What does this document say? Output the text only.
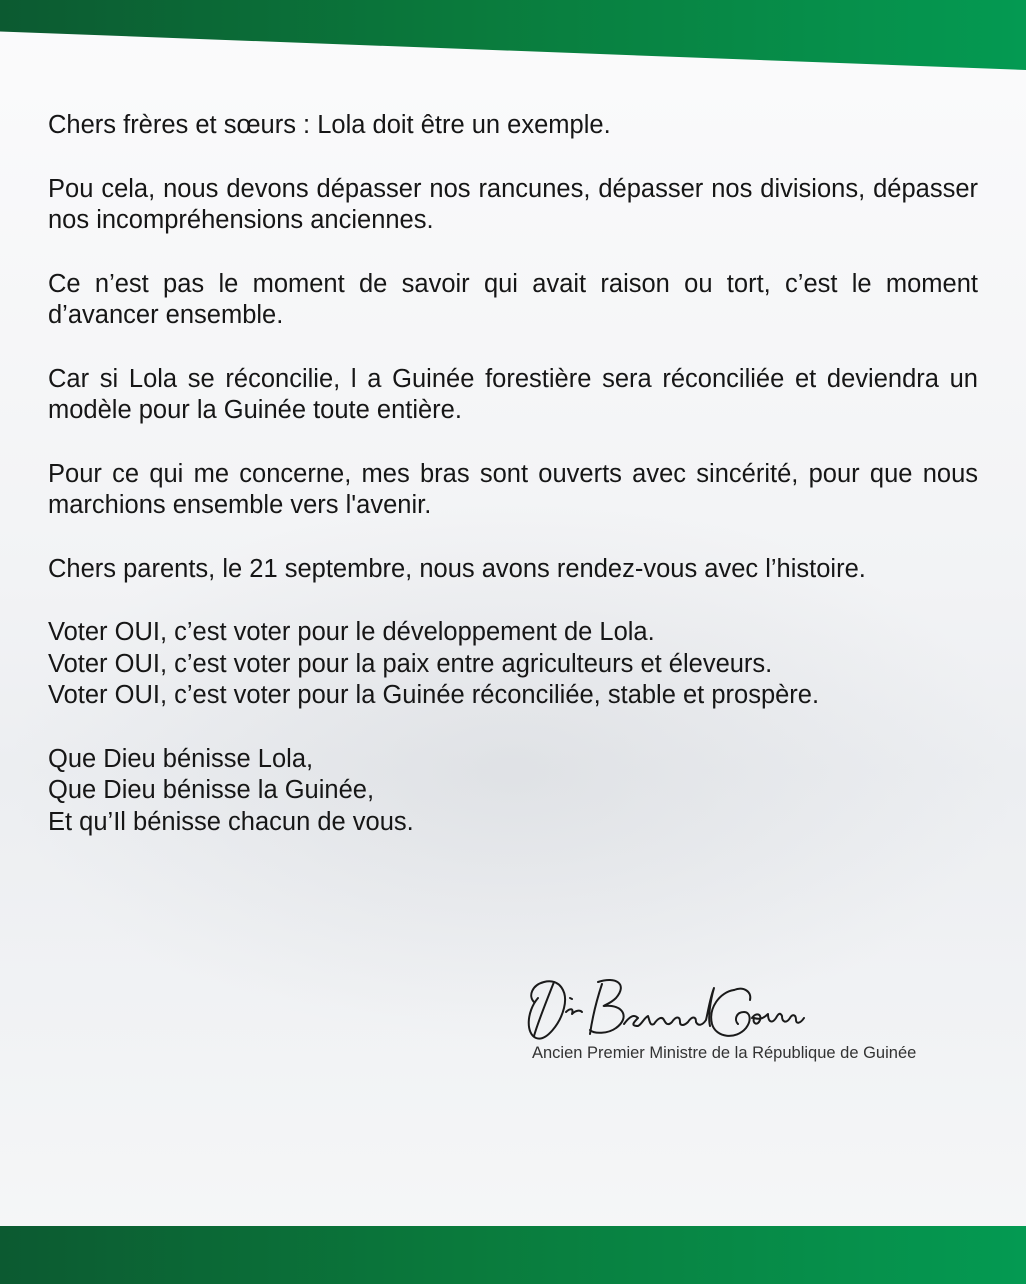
Chers frères et sœurs : Lola doit être un exemple.

Pou cela, nous devons dépasser nos rancunes, dépasser nos divisions, dépasser nos incompréhensions anciennes.

Ce n’est pas le moment de savoir qui avait raison ou tort, c’est le moment d’avancer ensemble.

Car si Lola se réconcilie, l a Guinée forestière sera réconciliée et deviendra un modèle pour la Guinée toute entière.

Pour ce qui me concerne, mes bras sont ouverts avec sincérité, pour que nous marchions ensemble vers l'avenir.

Chers parents, le 21 septembre, nous avons rendez-vous avec l’histoire.

Voter OUI, c’est voter pour le développement de Lola.
Voter OUI, c’est voter pour la paix entre agriculteurs et éleveurs.
Voter OUI, c’est voter pour la Guinée réconciliée, stable et prospère.

Que Dieu bénisse Lola,
Que Dieu bénisse la Guinée,
Et qu’Il bénisse chacun de vous.

Ancien Premier Ministre de la République de Guinée
